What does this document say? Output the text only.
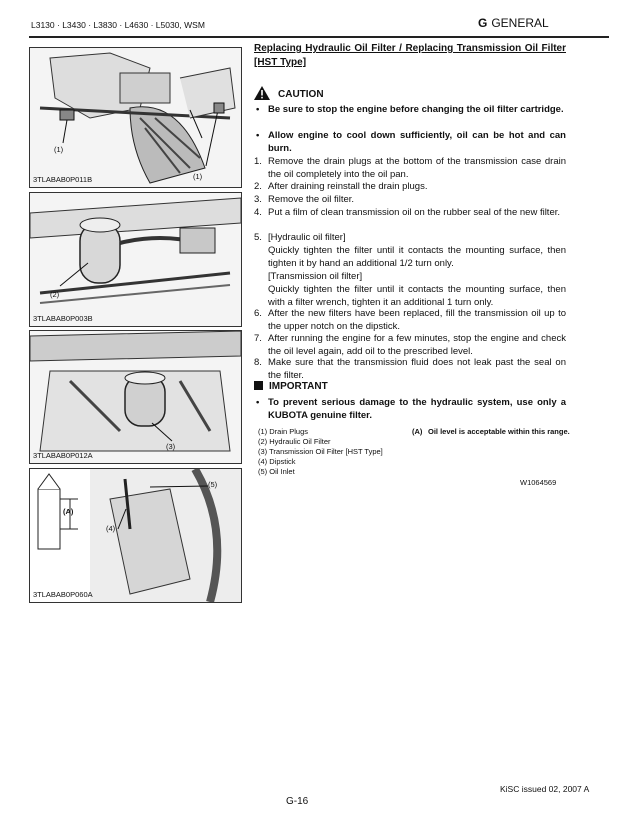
L3130 · L3430 · L3830 · L4630 · L5030, WSM	G GENERAL
(1)
(1)
3TLABAB0P011B
(2)
3TLABAB0P003B
(3)
3TLABAB0P012A
(5)
(4)
(A)
3TLABAB0P060A
Replacing Hydraulic Oil Filter / Replacing Transmission Oil Filter [HST Type]
CAUTION
• Be sure to stop the engine before changing the oil filter cartridge.
• Allow engine to cool down sufficiently, oil can be hot and can burn.
1. Remove the drain plugs at the bottom of the transmission case drain the oil completely into the oil pan.
2. After draining reinstall the drain plugs.
3. Remove the oil filter.
4. Put a film of clean transmission oil on the rubber seal of the new filter.
5. [Hydraulic oil filter]
Quickly tighten the filter until it contacts the mounting surface, then tighten it by hand an additional 1/2 turn only.
[Transmission oil filter]
Quickly tighten the filter until it contacts the mounting surface, then with a filter wrench, tighten it an additional 1 turn only.
6. After the new filters have been replaced, fill the transmission oil up to the upper notch on the dipstick.
7. After running the engine for a few minutes, stop the engine and check the oil level again, add oil to the prescribed level.
8. Make sure that the transmission fluid does not leak past the seal on the filter.
IMPORTANT
• To prevent serious damage to the hydraulic system, use only a KUBOTA genuine filter.
(1) Drain Plugs
(2) Hydraulic Oil Filter
(3) Transmission Oil Filter [HST Type]
(4) Dipstick
(5) Oil Inlet
(A) Oil level is acceptable within this range.
W1064569
G-16
KiSC issued 02, 2007 A
